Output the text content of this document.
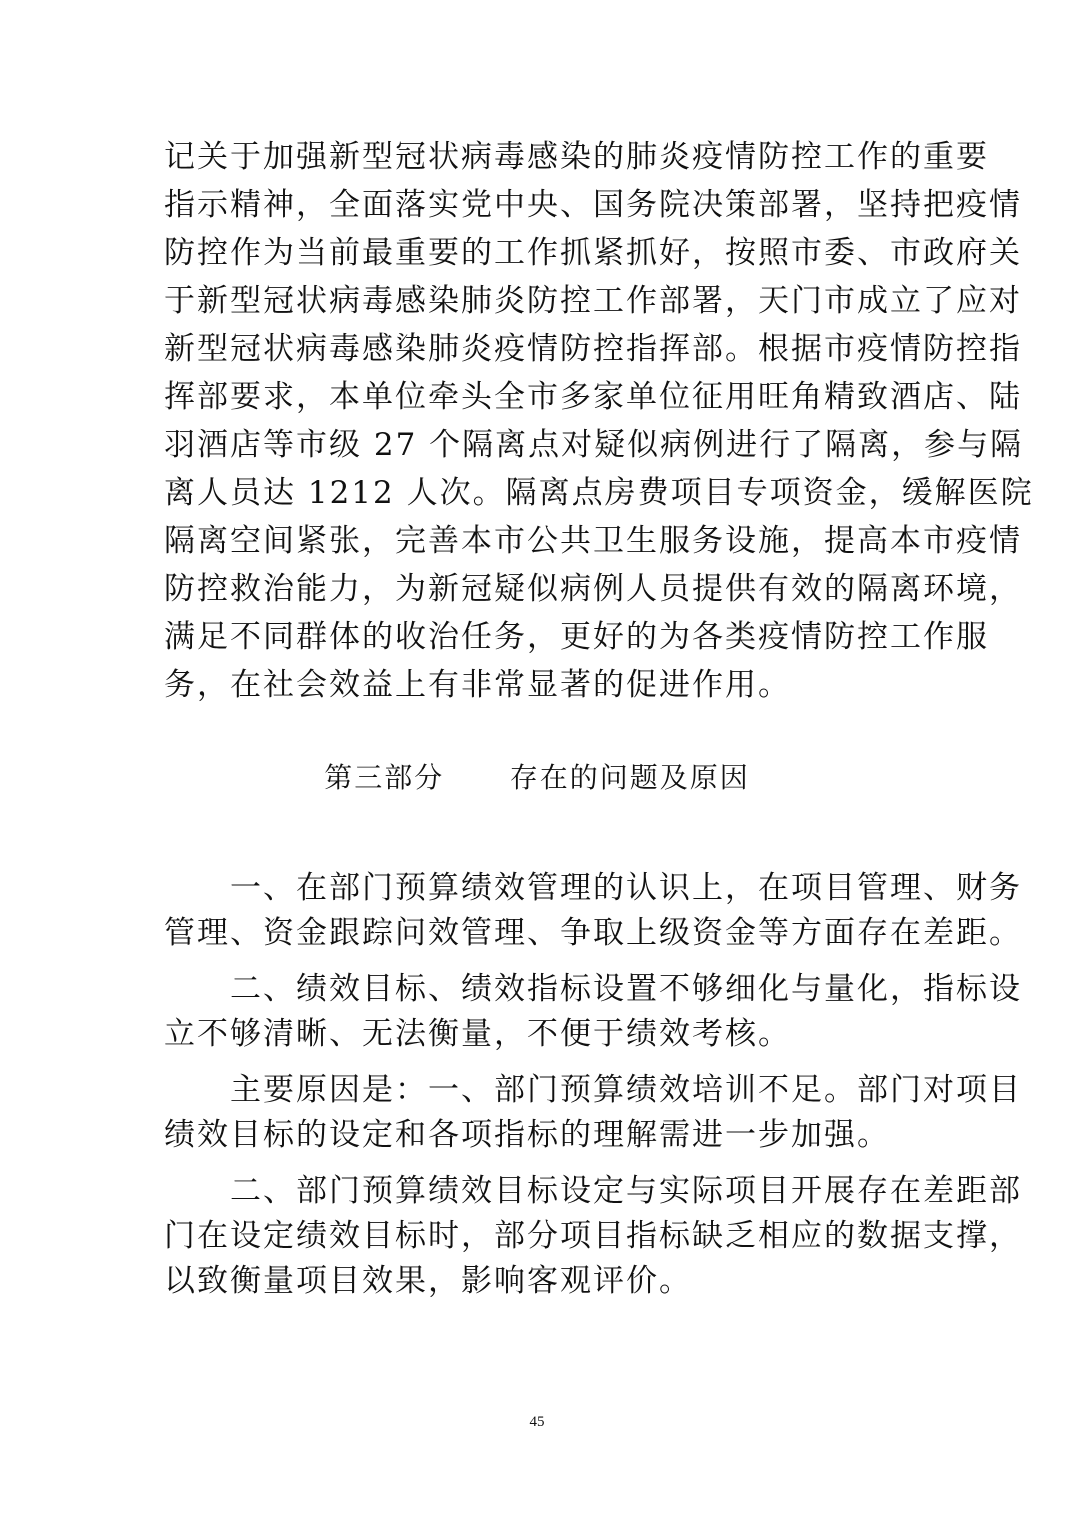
记关于加强新型冠状病毒感染的肺炎疫情防控工作的重要
指示精神，全面落实党中央、国务院决策部署，坚持把疫情
防控作为当前最重要的工作抓紧抓好，按照市委、市政府关
于新型冠状病毒感染肺炎防控工作部署，天门市成立了应对
新型冠状病毒感染肺炎疫情防控指挥部。根据市疫情防控指
挥部要求，本单位牵头全市多家单位征用旺角精致酒店、陆
羽酒店等市级 27 个隔离点对疑似病例进行了隔离，参与隔
离人员达 1212 人次。隔离点房费项目专项资金，缓解医院
隔离空间紧张，完善本市公共卫生服务设施，提高本市疫情
防控救治能力，为新冠疑似病例人员提供有效的隔离环境，
满足不同群体的收治任务，更好的为各类疫情防控工作服
务，在社会效益上有非常显著的促进作用。
第三部分      存在的问题及原因
　　一、在部门预算绩效管理的认识上，在项目管理、财务
管理、资金跟踪问效管理、争取上级资金等方面存在差距。
　　二、绩效目标、绩效指标设置不够细化与量化，指标设
立不够清晰、无法衡量，不便于绩效考核。
　　主要原因是：一、部门预算绩效培训不足。部门对项目
绩效目标的设定和各项指标的理解需进一步加强。
　　二、部门预算绩效目标设定与实际项目开展存在差距部
门在设定绩效目标时，部分项目指标缺乏相应的数据支撑，
以致衡量项目效果，影响客观评价。
45
